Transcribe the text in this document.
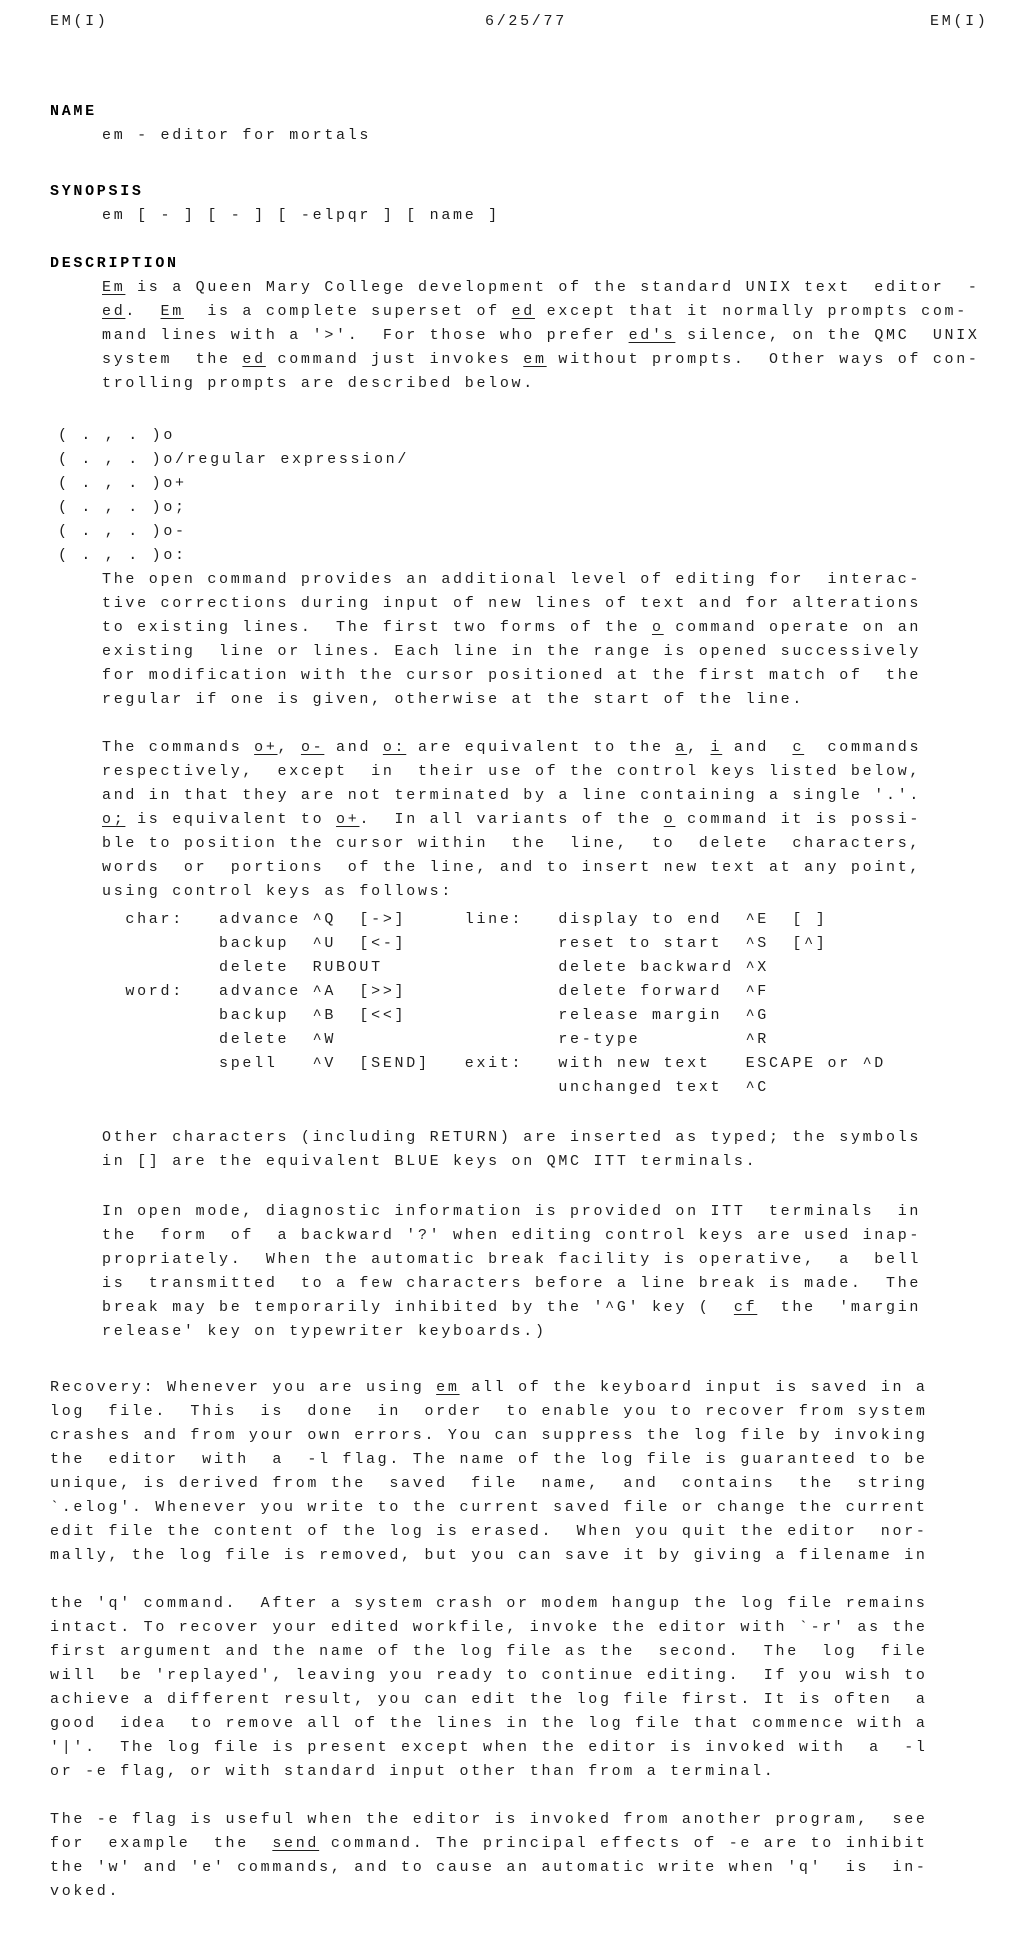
EM(I)	6/25/77	EM(I)
NAME
em - editor for mortals
SYNOPSIS
em [ - ] [ - ] [ -elpqr ] [ name ]
DESCRIPTION
Em is a Queen Mary College development of the standard UNIX text  editor  -
ed.  Em  is a complete superset of ed except that it normally prompts com-
mand lines with a '>'.  For those who prefer ed's silence, on the QMC  UNIX
system  the ed command just invokes em without prompts.  Other ways of con-
trolling prompts are described below.
( . , . )o
( . , . )o/regular expression/
( . , . )o+
( . , . )o;
( . , . )o-
( . , . )o:
The open command provides an additional level of editing for  interac-
tive corrections during input of new lines of text and for alterations
to existing lines.  The first two forms of the o command operate on an
existing  line or lines. Each line in the range is opened successively
for modification with the cursor positioned at the first match of  the
regular if one is given, otherwise at the start of the line.
The commands o+, o- and o: are equivalent to the a, i and  c  commands
respectively,  except  in  their use of the control keys listed below,
and in that they are not terminated by a line containing a single '.'.
o; is equivalent to o+.  In all variants of the o command it is possi-
ble to position the cursor within  the  line,  to  delete  characters,
words  or  portions  of the line, and to insert new text at any point,
using control keys as follows:
char:   advance ^Q  [->]     line:   display to end  ^E  [ ]
backup  ^U  [<-]             reset to start  ^S  [^]
delete  RUBOUT               delete backward ^X
word:   advance ^A  [>>]             delete forward  ^F
backup  ^B  [<<]             release margin  ^G
delete  ^W                   re-type         ^R
spell   ^V  [SEND]   exit:   with new text   ESCAPE or ^D
unchanged text  ^C
Other characters (including RETURN) are inserted as typed; the symbols
in [] are the equivalent BLUE keys on QMC ITT terminals.
In open mode, diagnostic information is provided on ITT  terminals  in
the  form  of  a backward '?' when editing control keys are used inap-
propriately.  When the automatic break facility is operative,  a  bell
is  transmitted  to a few characters before a line break is made.  The
break may be temporarily inhibited by the '^G' key (  cf  the  'margin
release' key on typewriter keyboards.)
Recovery: Whenever you are using em all of the keyboard input is saved in a
log  file.  This  is  done  in  order  to enable you to recover from system
crashes and from your own errors. You can suppress the log file by invoking
the  editor  with  a  -l flag. The name of the log file is guaranteed to be
unique, is derived from the  saved  file  name,  and  contains  the  string
`.elog'. Whenever you write to the current saved file or change the current
edit file the content of the log is erased.  When you quit the editor  nor-
mally, the log file is removed, but you can save it by giving a filename in
the 'q' command.  After a system crash or modem hangup the log file remains
intact. To recover your edited workfile, invoke the editor with `-r' as the
first argument and the name of the log file as the  second.  The  log  file
will  be 'replayed', leaving you ready to continue editing.  If you wish to
achieve a different result, you can edit the log file first. It is often  a
good  idea  to remove all of the lines in the log file that commence with a
'|'.  The log file is present except when the editor is invoked with  a  -l
or -e flag, or with standard input other than from a terminal.
The -e flag is useful when the editor is invoked from another program,  see
for  example  the  send command. The principal effects of -e are to inhibit
the 'w' and 'e' commands, and to cause an automatic write when 'q'  is  in-
voked.
